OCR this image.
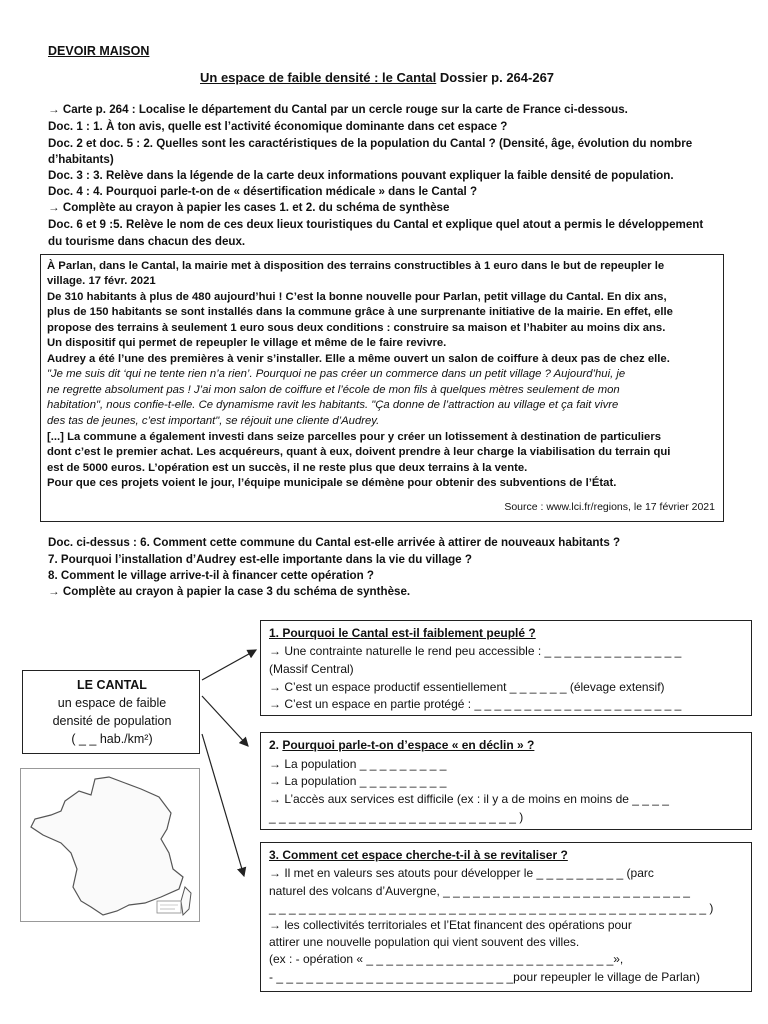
DEVOIR MAISON
Un espace de faible densité : le Cantal Dossier p. 264-267
→ Carte p. 264 : Localise le département du Cantal par un cercle rouge sur la carte de France ci-dessous.
Doc. 1 : 1. À ton avis, quelle est l’activité économique dominante dans cet espace ?
Doc. 2 et doc. 5 : 2. Quelles sont les caractéristiques de la population du Cantal ? (Densité, âge, évolution du nombre
d’habitants)
Doc. 3 : 3. Relève dans la légende de la carte deux informations pouvant expliquer la faible densité de population.
Doc. 4 : 4. Pourquoi parle-t-on de « désertification médicale » dans le Cantal ?
→ Complète au crayon à papier les cases 1. et 2. du schéma de synthèse
Doc. 6 et 9 :5. Relève le nom de ces deux lieux touristiques du Cantal et explique quel atout a permis le développement
du tourisme dans chacun des deux.
À Parlan, dans le Cantal, la mairie met à disposition des terrains constructibles à 1 euro dans le but de repeupler le
village. 17 févr. 2021
De 310 habitants à plus de 480 aujourd’hui ! C’est la bonne nouvelle pour Parlan, petit village du Cantal. En dix ans,
plus de 150 habitants se sont installés dans la commune grâce à une surprenante initiative de la mairie. En effet, elle
propose des terrains à seulement 1 euro sous deux conditions : construire sa maison et l’habiter au moins dix ans.
Un dispositif qui permet de repeupler le village et même de le faire revivre.
Audrey a été l’une des premières à venir s’installer. Elle a même ouvert un salon de coiffure à deux pas de chez elle.
"Je me suis dit ‘qui ne tente rien n’a rien’. Pourquoi ne pas créer un commerce dans un petit village ? Aujourd’hui, je
ne regrette absolument pas ! J’ai mon salon de coiffure et l’école de mon fils à quelques mètres seulement de mon
habitation", nous confie-t-elle. Ce dynamisme ravit les habitants. "Ça donne de l’attraction au village et ça fait vivre
des tas de jeunes, c’est important", se réjouit une cliente d’Audrey.
[...] La commune a également investi dans seize parcelles pour y créer un lotissement à destination de particuliers
dont c’est le premier achat. Les acquéreurs, quant à eux, doivent prendre à leur charge la viabilisation du terrain qui
est de 5000 euros. L’opération est un succès, il ne reste plus que deux terrains à la vente.
Pour que ces projets voient le jour, l’équipe municipale se démène pour obtenir des subventions de l’État.
Source : www.lci.fr/regions, le 17 février 2021
Doc. ci-dessus : 6. Comment cette commune du Cantal est-elle arrivée à attirer de nouveaux habitants ?
7. Pourquoi l’installation d’Audrey est-elle importante dans la vie du village ?
8. Comment le village arrive-t-il à financer cette opération ?
→ Complète au crayon à papier la case 3 du schéma de synthèse.
LE CANTAL
un espace de faible
densité de population
( _ _ hab./km²)
1. Pourquoi le Cantal est-il faiblement peuplé ?
→ Une contrainte naturelle le rend peu accessible : _ _ _ _ _ _ _ _ _ _ _ _ _ _
(Massif Central)
→ C’est un espace productif essentiellement _ _ _ _ _ _ (élevage extensif)
→ C’est un espace en partie protégé : _ _ _ _ _ _ _ _ _ _ _ _ _ _ _ _ _ _ _ _ _
2. Pourquoi parle-t-on d’espace « en déclin » ?
→ La population _ _ _ _ _ _ _ _ _
→ La population _ _ _ _ _ _ _ _ _
→ L’accès aux services est difficile (ex : il y a de moins en moins de _ _ _ _
_ _ _ _ _ _ _ _ _ _ _ _ _ _ _ _ _ _ _ _ _ _ _ _ _ )
3. Comment cet espace cherche-t-il à se revitaliser ?
→ Il met en valeurs ses atouts pour développer le _ _ _ _ _ _ _ _ _ (parc
naturel des volcans d’Auvergne, _ _ _ _ _ _ _ _ _ _ _ _ _ _ _ _ _ _ _ _ _ _ _ _ _
_ _ _ _ _ _ _ _ _ _ _ _ _ _ _ _ _ _ _ _ _ _ _ _ _ _ _ _ _ _ _ _ _ _ _ _ _ _ _ _ _ _ _ _ )
→ les collectivités territoriales et l’Etat financent des opérations pour
attirer une nouvelle population qui vient souvent des villes.
(ex : - opération « _ _ _ _ _ _ _ _ _ _ _ _ _ _ _ _ _ _ _ _ _ _ _ _ _»,
- _ _ _ _ _ _ _ _ _ _ _ _ _ _ _ _ _ _ _ _ _ _ _ _pour repeupler le village de Parlan)
